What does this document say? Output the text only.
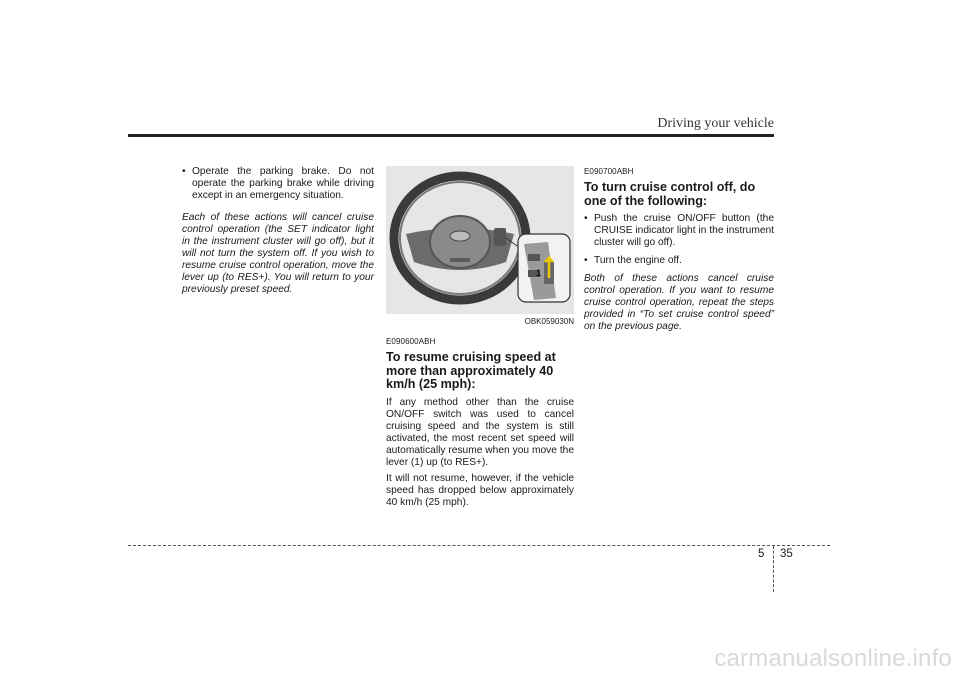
Driving your vehicle

• Operate the parking brake. Do not operate the parking brake while driving except in an emergency situation.

Each of these actions will cancel cruise control operation (the SET indicator light in the instrument cluster will go off), but it will not turn the system off. If you wish to resume cruise control operation, move the lever up (to RES+). You will return to your previously preset speed.

1
OBK059030N
E090600ABH
To resume cruising speed at more than approximately 40 km/h (25 mph):

If any method other than the cruise ON/OFF switch was used to cancel cruising speed and the system is still activated, the most recent set speed will automatically resume when you move the lever (1) up (to RES+).

It will not resume, however, if the vehicle speed has dropped below approximately 40 km/h (25 mph).

E090700ABH
To turn cruise control off, do one of the following:

• Push the cruise ON/OFF button (the CRUISE indicator light in the instrument cluster will go off).

• Turn the engine off.

Both of these actions cancel cruise control operation. If you want to resume cruise control operation, repeat the steps provided in “To set cruise control speed” on the previous page.

5 35
carmanualsonline.info
